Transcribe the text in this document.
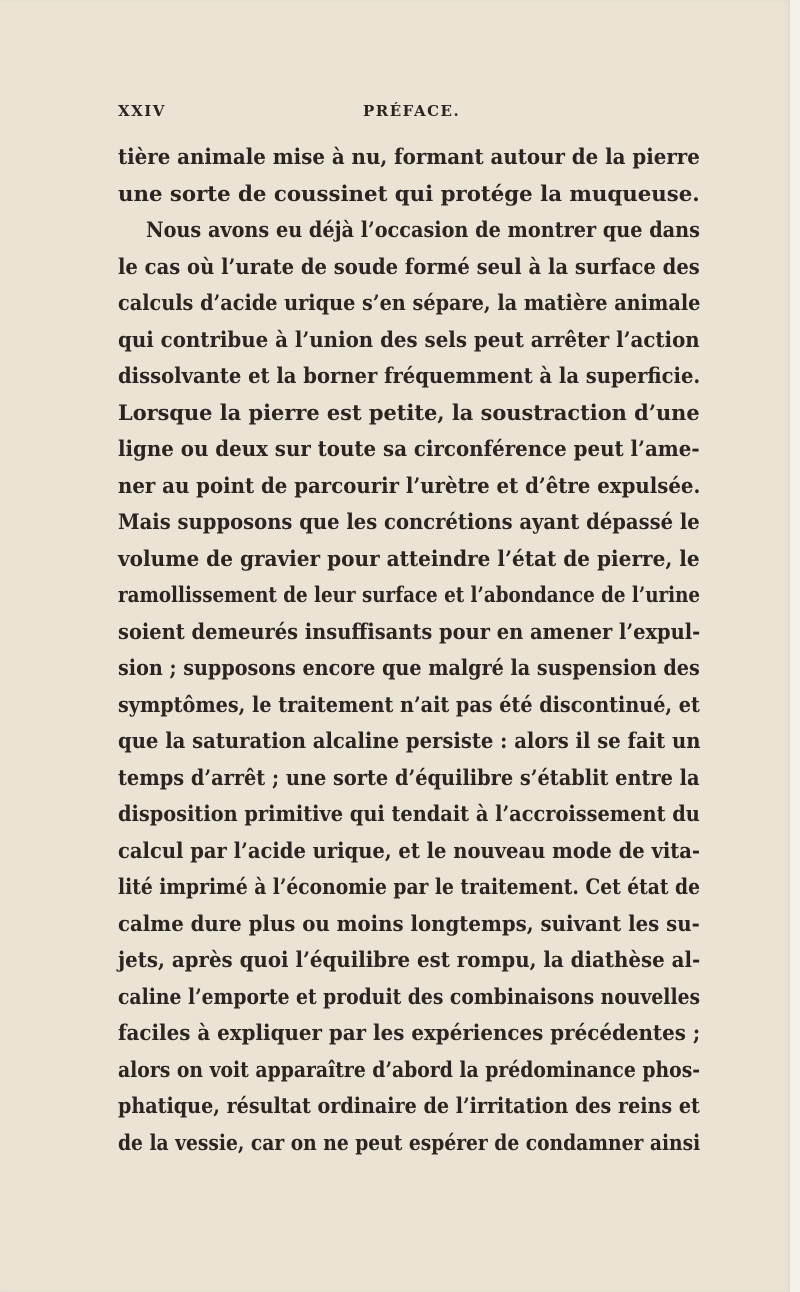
XXIV	PRÉFACE.
tière animale mise à nu, formant autour de la pierre
une sorte de coussinet qui protége la muqueuse.
Nous avons eu déjà l’occasion de montrer que dans
le cas où l’urate de soude formé seul à la surface des
calculs d’acide urique s’en sépare, la matière animale
qui contribue à l’union des sels peut arrêter l’action
dissolvante et la borner fréquemment à la superficie.
Lorsque la pierre est petite, la soustraction d’une
ligne ou deux sur toute sa circonférence peut l’ame-
ner au point de parcourir l’urètre et d’être expulsée.
Mais supposons que les concrétions ayant dépassé le
volume de gravier pour atteindre l’état de pierre, le
ramollissement de leur surface et l’abondance de l’urine
soient demeurés insuffisants pour en amener l’expul-
sion ; supposons encore que malgré la suspension des
symptômes, le traitement n’ait pas été discontinué, et
que la saturation alcaline persiste : alors il se fait un
temps d’arrêt ; une sorte d’équilibre s’établit entre la
disposition primitive qui tendait à l’accroissement du
calcul par l’acide urique, et le nouveau mode de vita-
lité imprimé à l’économie par le traitement. Cet état de
calme dure plus ou moins longtemps, suivant les su-
jets, après quoi l’équilibre est rompu, la diathèse al-
caline l’emporte et produit des combinaisons nouvelles
faciles à expliquer par les expériences précédentes ;
alors on voit apparaître d’abord la prédominance phos-
phatique, résultat ordinaire de l’irritation des reins et
de la vessie, car on ne peut espérer de condamner ainsi
